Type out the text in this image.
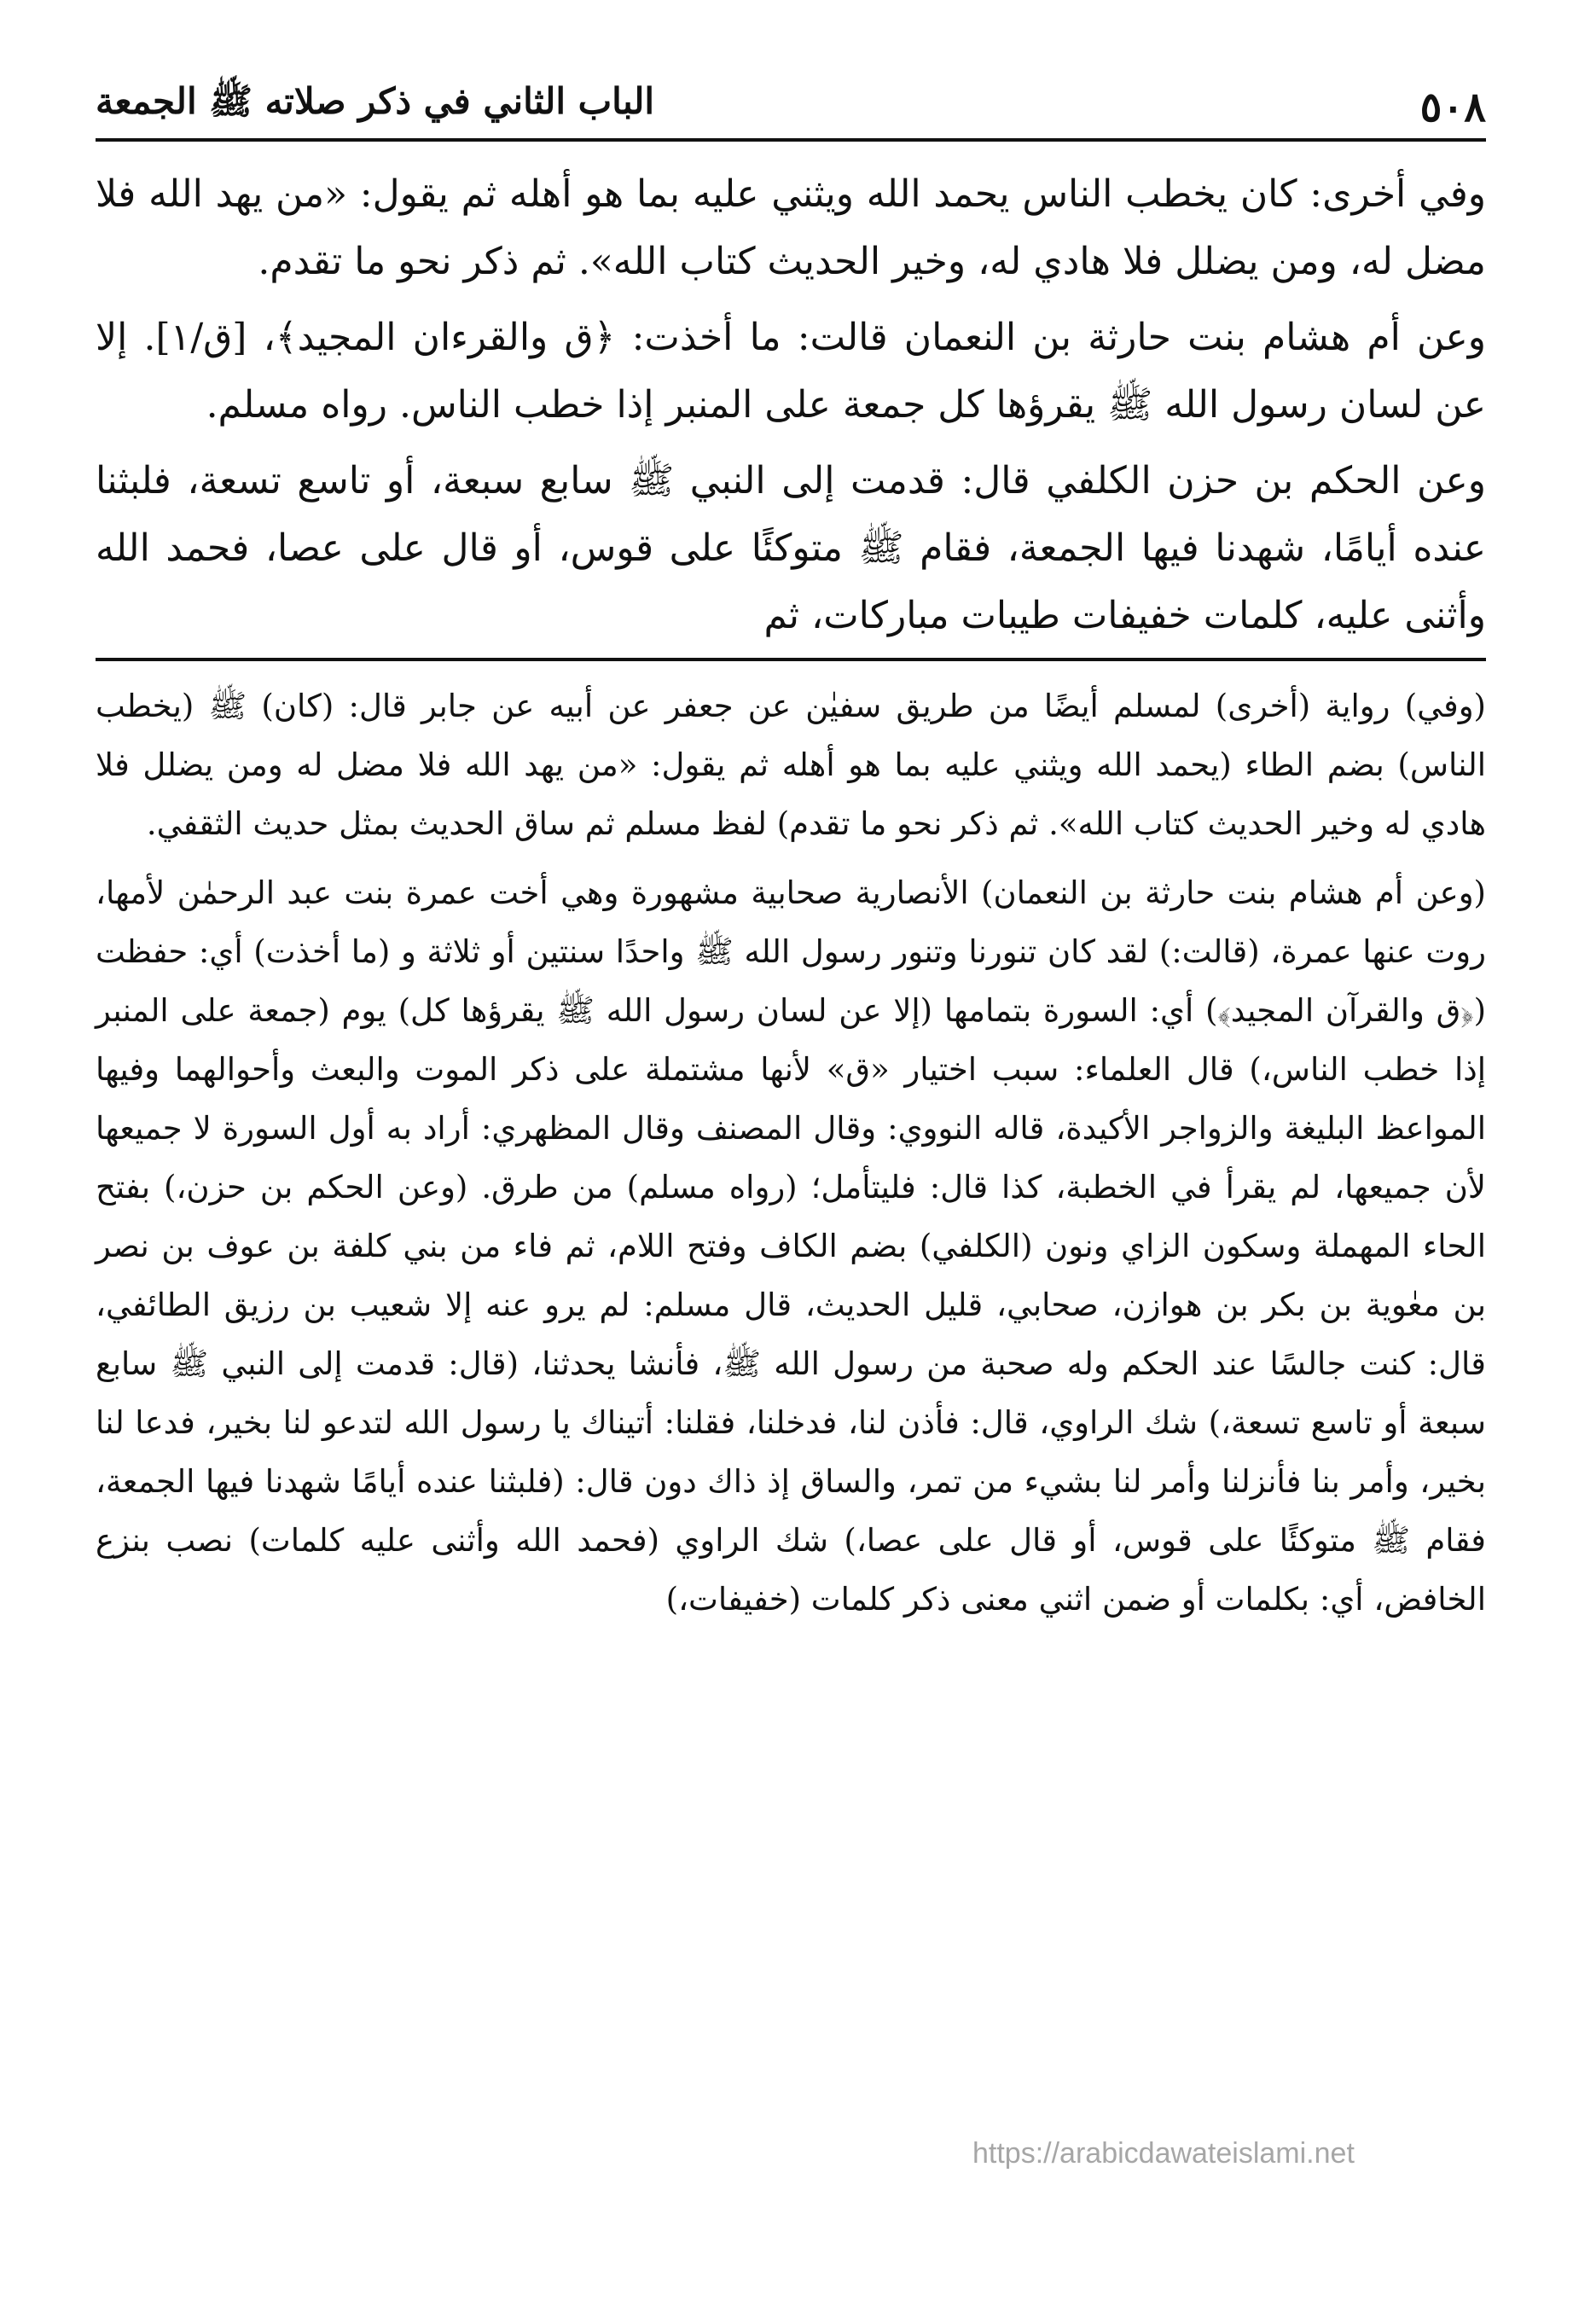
٥٠٨
الباب الثاني في ذكر صلاته ﷺ الجمعة

وفي أخرى: كان يخطب الناس يحمد الله ويثني عليه بما هو أهله ثم يقول: «من يهد الله فلا مضل له، ومن يضلل فلا هادي له، وخير الحديث كتاب الله». ثم ذكر نحو ما تقدم.

وعن أم هشام بنت حارثة بن النعمان قالت: ما أخذت: ﴿ق والقرءان المجيد﴾، [ق/١]. إلا عن لسان رسول الله ﷺ يقرؤها كل جمعة على المنبر إذا خطب الناس. رواه مسلم.

وعن الحكم بن حزن الكلفي قال: قدمت إلى النبي ﷺ سابع سبعة، أو تاسع تسعة، فلبثنا عنده أيامًا، شهدنا فيها الجمعة، فقام ﷺ متوكئًا على قوس، أو قال على عصا، فحمد الله وأثنى عليه، كلمات خفيفات طيبات مباركات، ثم

(وفي) رواية (أخرى) لمسلم أيضًا من طريق سفيٰن عن جعفر عن أبيه عن جابر قال: (كان) ﷺ (يخطب الناس) بضم الطاء (يحمد الله ويثني عليه بما هو أهله ثم يقول: «من يهد الله فلا مضل له ومن يضلل فلا هادي له وخير الحديث كتاب الله». ثم ذكر نحو ما تقدم) لفظ مسلم ثم ساق الحديث بمثل حديث الثقفي.

(وعن أم هشام بنت حارثة بن النعمان) الأنصارية صحابية مشهورة وهي أخت عمرة بنت عبد الرحمٰن لأمها، روت عنها عمرة، (قالت:) لقد كان تنورنا وتنور رسول الله ﷺ واحدًا سنتين أو ثلاثة و (ما أخذت) أي: حفظت (﴿ق والقرآن المجيد﴾) أي: السورة بتمامها (إلا عن لسان رسول الله ﷺ يقرؤها كل) يوم (جمعة على المنبر إذا خطب الناس،) قال العلماء: سبب اختيار «ق» لأنها مشتملة على ذكر الموت والبعث وأحوالهما وفيها المواعظ البليغة والزواجر الأكيدة، قاله النووي: وقال المصنف وقال المظهري: أراد به أول السورة لا جميعها لأن جميعها، لم يقرأ في الخطبة، كذا قال: فليتأمل؛ (رواه مسلم) من طرق. (وعن الحكم بن حزن،) بفتح الحاء المهملة وسكون الزاي ونون (الكلفي) بضم الكاف وفتح اللام، ثم فاء من بني كلفة بن عوف بن نصر بن معٰوية بن بكر بن هوازن، صحابي، قليل الحديث، قال مسلم: لم يرو عنه إلا شعيب بن رزيق الطائفي، قال: كنت جالسًا عند الحكم وله صحبة من رسول الله ﷺ، فأنشا يحدثنا، (قال: قدمت إلى النبي ﷺ سابع سبعة أو تاسع تسعة،) شك الراوي، قال: فأذن لنا، فدخلنا، فقلنا: أتيناك يا رسول الله لتدعو لنا بخير، فدعا لنا بخير، وأمر بنا فأنزلنا وأمر لنا بشيء من تمر، والساق إذ ذاك دون قال: (فلبثنا عنده أيامًا شهدنا فيها الجمعة، فقام ﷺ متوكئًا على قوس، أو قال على عصا،) شك الراوي (فحمد الله وأثنى عليه كلمات) نصب بنزع الخافض، أي: بكلمات أو ضمن اثني معنى ذكر كلمات (خفيفات،)

https://arabicdawateislami.net
